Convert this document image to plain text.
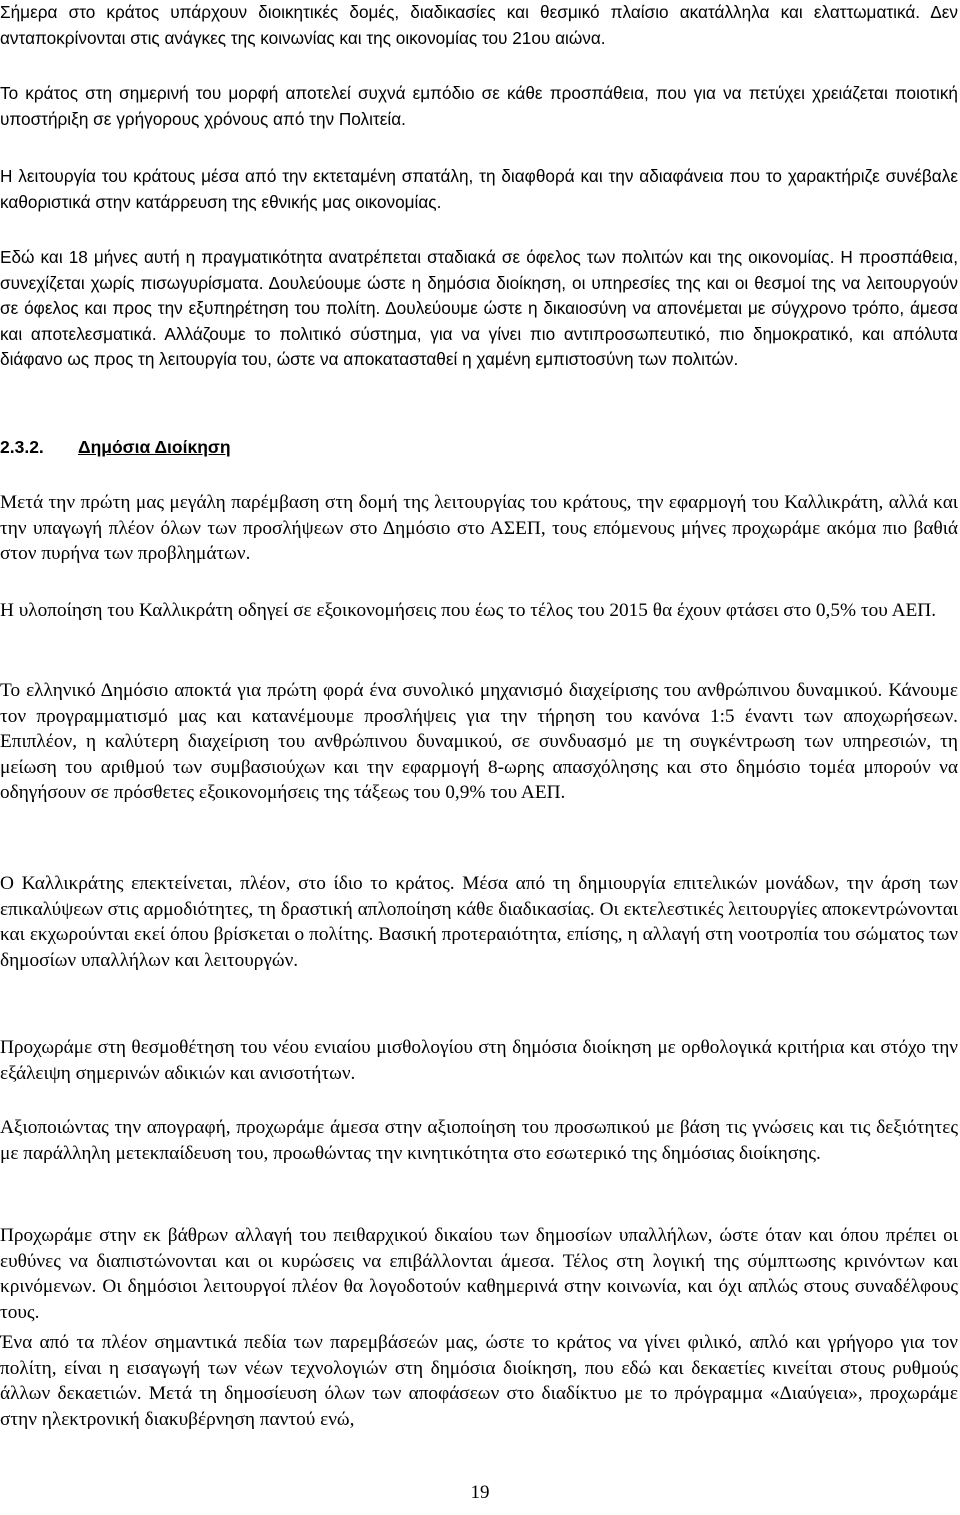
Σήμερα στο κράτος υπάρχουν διοικητικές δομές, διαδικασίες και θεσμικό πλαίσιο ακατάλληλα και ελαττωματικά. Δεν ανταποκρίνονται στις ανάγκες της κοινωνίας και της οικονομίας του 21ου αιώνα.

Το κράτος στη σημερινή του μορφή αποτελεί συχνά εμπόδιο σε κάθε προσπάθεια, που για να πετύχει χρειάζεται ποιοτική υποστήριξη σε γρήγορους χρόνους από την Πολιτεία.

Η λειτουργία του κράτους μέσα από την εκτεταμένη σπατάλη, τη διαφθορά και την αδιαφάνεια που το χαρακτήριζε συνέβαλε καθοριστικά στην κατάρρευση της εθνικής μας οικονομίας.

Εδώ και 18 μήνες αυτή η πραγματικότητα ανατρέπεται σταδιακά σε όφελος των πολιτών και της οικονομίας. Η προσπάθεια, συνεχίζεται χωρίς πισωγυρίσματα. Δουλεύουμε ώστε η δημόσια διοίκηση, οι υπηρεσίες της και οι θεσμοί της να λειτουργούν σε όφελος και προς την εξυπηρέτηση του πολίτη. Δουλεύουμε ώστε η δικαιοσύνη να απονέμεται με σύγχρονο τρόπο, άμεσα και αποτελεσματικά. Αλλάζουμε το πολιτικό σύστημα, για να γίνει πιο αντιπροσωπευτικό, πιο δημοκρατικό, και απόλυτα διάφανο ως προς τη λειτουργία του, ώστε να αποκατασταθεί η χαμένη εμπιστοσύνη των πολιτών.

2.3.2. Δημόσια Διοίκηση

Μετά την πρώτη μας μεγάλη παρέμβαση στη δομή της λειτουργίας του κράτους, την εφαρμογή του Καλλικράτη, αλλά και την υπαγωγή πλέον όλων των προσλήψεων στο Δημόσιο στο ΑΣΕΠ, τους επόμενους μήνες προχωράμε ακόμα πιο βαθιά στον πυρήνα των προβλημάτων.

Η υλοποίηση του Καλλικράτη οδηγεί σε εξοικονομήσεις που έως το τέλος του 2015 θα έχουν φτάσει στο 0,5% του ΑΕΠ.

Το ελληνικό Δημόσιο αποκτά για πρώτη φορά ένα συνολικό μηχανισμό διαχείρισης του ανθρώπινου δυναμικού. Κάνουμε τον προγραμματισμό μας και κατανέμουμε προσλήψεις για την τήρηση του κανόνα 1:5 έναντι των αποχωρήσεων. Επιπλέον, η καλύτερη διαχείριση του ανθρώπινου δυναμικού, σε συνδυασμό με τη συγκέντρωση των υπηρεσιών, τη μείωση του αριθμού των συμβασιούχων και την εφαρμογή 8-ωρης απασχόλησης και στο δημόσιο τομέα μπορούν να οδηγήσουν σε πρόσθετες εξοικονομήσεις της τάξεως του 0,9% του ΑΕΠ.

Ο Καλλικράτης επεκτείνεται, πλέον, στο ίδιο το κράτος. Μέσα από τη δημιουργία επιτελικών μονάδων, την άρση των επικαλύψεων στις αρμοδιότητες, τη δραστική απλοποίηση κάθε διαδικασίας. Οι εκτελεστικές λειτουργίες αποκεντρώνονται και εκχωρούνται εκεί όπου βρίσκεται ο πολίτης. Βασική προτεραιότητα, επίσης, η αλλαγή στη νοοτροπία του σώματος των δημοσίων υπαλλήλων και λειτουργών.

Προχωράμε στη θεσμοθέτηση του νέου ενιαίου μισθολογίου στη δημόσια διοίκηση με ορθολογικά κριτήρια και στόχο την εξάλειψη σημερινών αδικιών και ανισοτήτων.

Αξιοποιώντας την απογραφή, προχωράμε άμεσα στην αξιοποίηση του προσωπικού με βάση τις γνώσεις και τις δεξιότητες με παράλληλη μετεκπαίδευση του, προωθώντας την κινητικότητα στο εσωτερικό της δημόσιας διοίκησης.

Προχωράμε στην εκ βάθρων αλλαγή του πειθαρχικού δικαίου των δημοσίων υπαλλήλων, ώστε όταν και όπου πρέπει οι ευθύνες να διαπιστώνονται και οι κυρώσεις να επιβάλλονται άμεσα. Τέλος στη λογική της σύμπτωσης κρινόντων και κρινόμενων. Οι δημόσιοι λειτουργοί πλέον θα λογοδοτούν καθημερινά στην κοινωνία, και όχι απλώς στους συναδέλφους τους.

Ένα από τα πλέον σημαντικά πεδία των παρεμβάσεών μας, ώστε το κράτος να γίνει φιλικό, απλό και γρήγορο για τον πολίτη, είναι η εισαγωγή των νέων τεχνολογιών στη δημόσια διοίκηση, που εδώ και δεκαετίες κινείται στους ρυθμούς άλλων δεκαετιών. Μετά τη δημοσίευση όλων των αποφάσεων στο διαδίκτυο με το πρόγραμμα «Διαύγεια», προχωράμε στην ηλεκτρονική διακυβέρνηση παντού ενώ,

19
